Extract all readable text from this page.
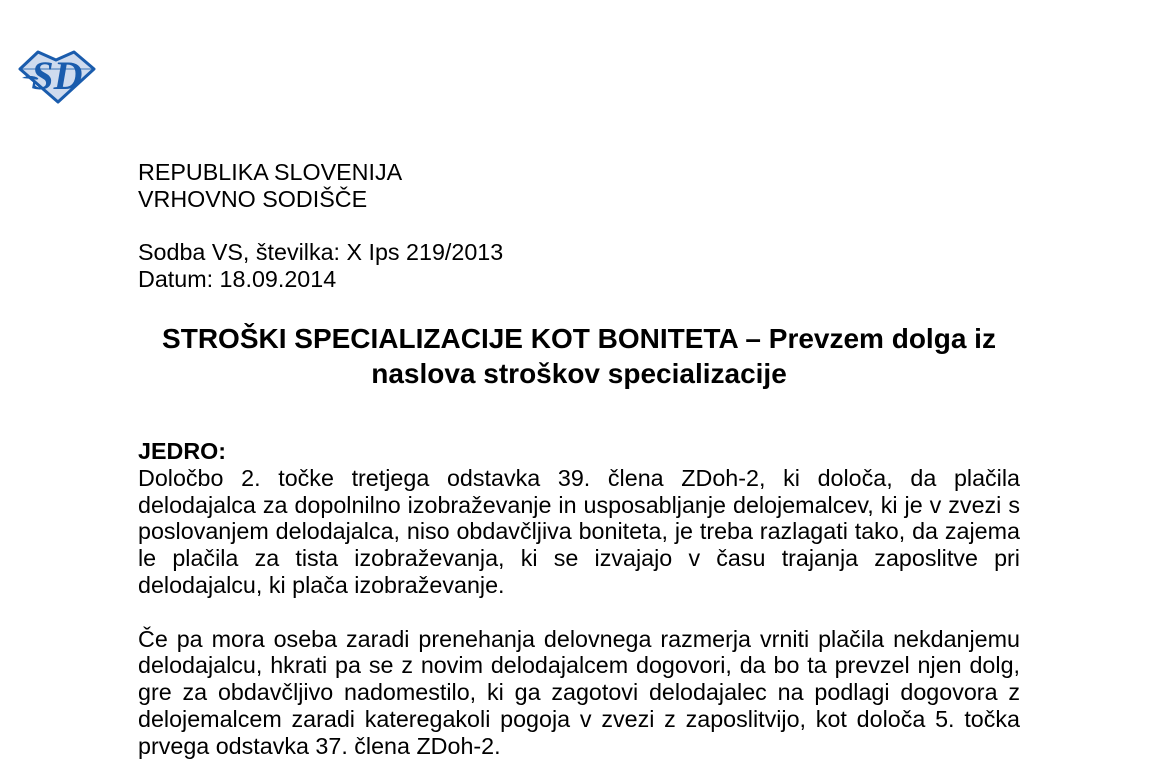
SD
REPUBLIKA SLOVENIJA
VRHOVNO SODIŠČE
Sodba VS, številka: X Ips 219/2013
Datum: 18.09.2014
STROŠKI SPECIALIZACIJE KOT BONITETA – Prevzem dolga iz naslova stroškov specializacije
JEDRO:

Določbo 2. točke tretjega odstavka 39. člena ZDoh-2, ki določa, da plačila delodajalca za dopolnilno izobraževanje in usposabljanje delojemalcev, ki je v zvezi s poslovanjem delodajalca, niso obdavčljiva boniteta, je treba razlagati tako, da zajema le plačila za tista izobraževanja, ki se izvajajo v času trajanja zaposlitve pri delodajalcu, ki plača izobraževanje.

Če pa mora oseba zaradi prenehanja delovnega razmerja vrniti plačila nekdanjemu delodajalcu, hkrati pa se z novim delodajalcem dogovori, da bo ta prevzel njen dolg, gre za obdavčljivo nadomestilo, ki ga zagotovi delodajalec na podlagi dogovora z delojemalcem zaradi kateregakoli pogoja v zvezi z zaposlitvijo, kot določa 5. točka prvega odstavka 37. člena ZDoh-2.
